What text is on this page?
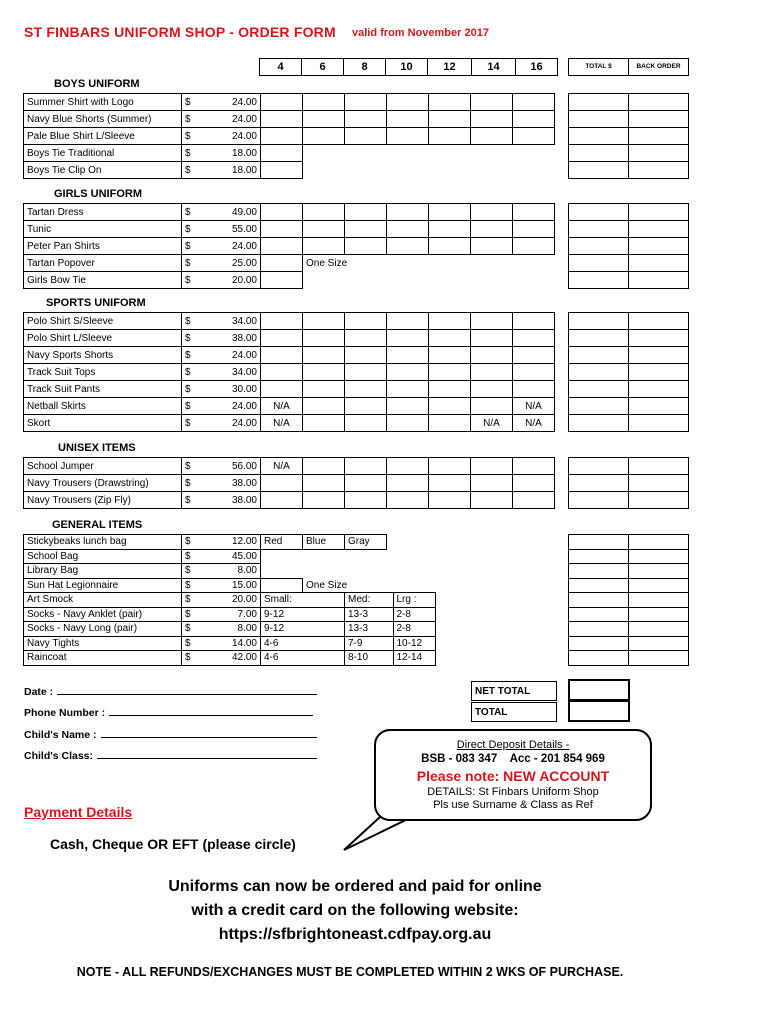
ST FINBARS UNIFORM SHOP - ORDER FORM valid from November 2017
4	6	8	10	12	14	16	TOTAL $	BACK ORDER
BOYS UNIFORM
Summer Shirt with Logo	$	24.00							
Navy Blue Shorts (Summer)	$	24.00							
Pale Blue Shirt L/Sleeve	$	24.00							
Boys Tie Traditional	$	18.00							
Boys Tie Clip On	$	18.00							

GIRLS UNIFORM
Tartan Dress	$	49.00							
Tunic	$	55.00							
Peter Pan Shirts	$	24.00							
Tartan Popover	$	25.00		One Size					
Girls Bow Tie	$	20.00							

SPORTS UNIFORM
Polo Shirt S/Sleeve	$	34.00							
Polo Shirt L/Sleeve	$	38.00							
Navy Sports Shorts	$	24.00							
Track Suit Tops	$	34.00							
Track Suit Pants	$	30.00							
Netball Skirts	$	24.00	N/A						N/A
Skort	$	24.00	N/A					N/A	N/A

UNISEX ITEMS
School Jumper	$	56.00	N/A						
Navy Trousers (Drawstring)	$	38.00							
Navy Trousers (Zip Fly)	$	38.00							

GENERAL ITEMS
Stickybeaks lunch bag	$	12.00	Red	Blue	Gray				
School Bag	$	45.00							
Library Bag	$	8.00							
Sun Hat Legionnaire	$	15.00		One Size					
Art Smock	$	20.00	Small:		Med:		Lrg :		
Socks - Navy Anklet (pair)	$	7.00	9-12		13-3		2-8		
Socks - Navy Long (pair)	$	8.00	9-12		13-3		2-8		
Navy Tights	$	14.00	4-6		7-9		10-12		
Raincoat	$	42.00	4-6		8-10		12-14		

Date :
Phone Number :
Child's Name :
Child's Class:
NET TOTAL
TOTAL
Direct Deposit Details -
BSB - 083 347 Acc - 201 854 969
Please note: NEW ACCOUNT
DETAILS: St Finbars Uniform Shop
Pls use Surname & Class as Ref
Payment Details
Cash, Cheque OR EFT (please circle)
Uniforms can now be ordered and paid for online
with a credit card on the following website:
https://sfbrightoneast.cdfpay.org.au
NOTE - ALL REFUNDS/EXCHANGES MUST BE COMPLETED WITHIN 2 WKS OF PURCHASE.
